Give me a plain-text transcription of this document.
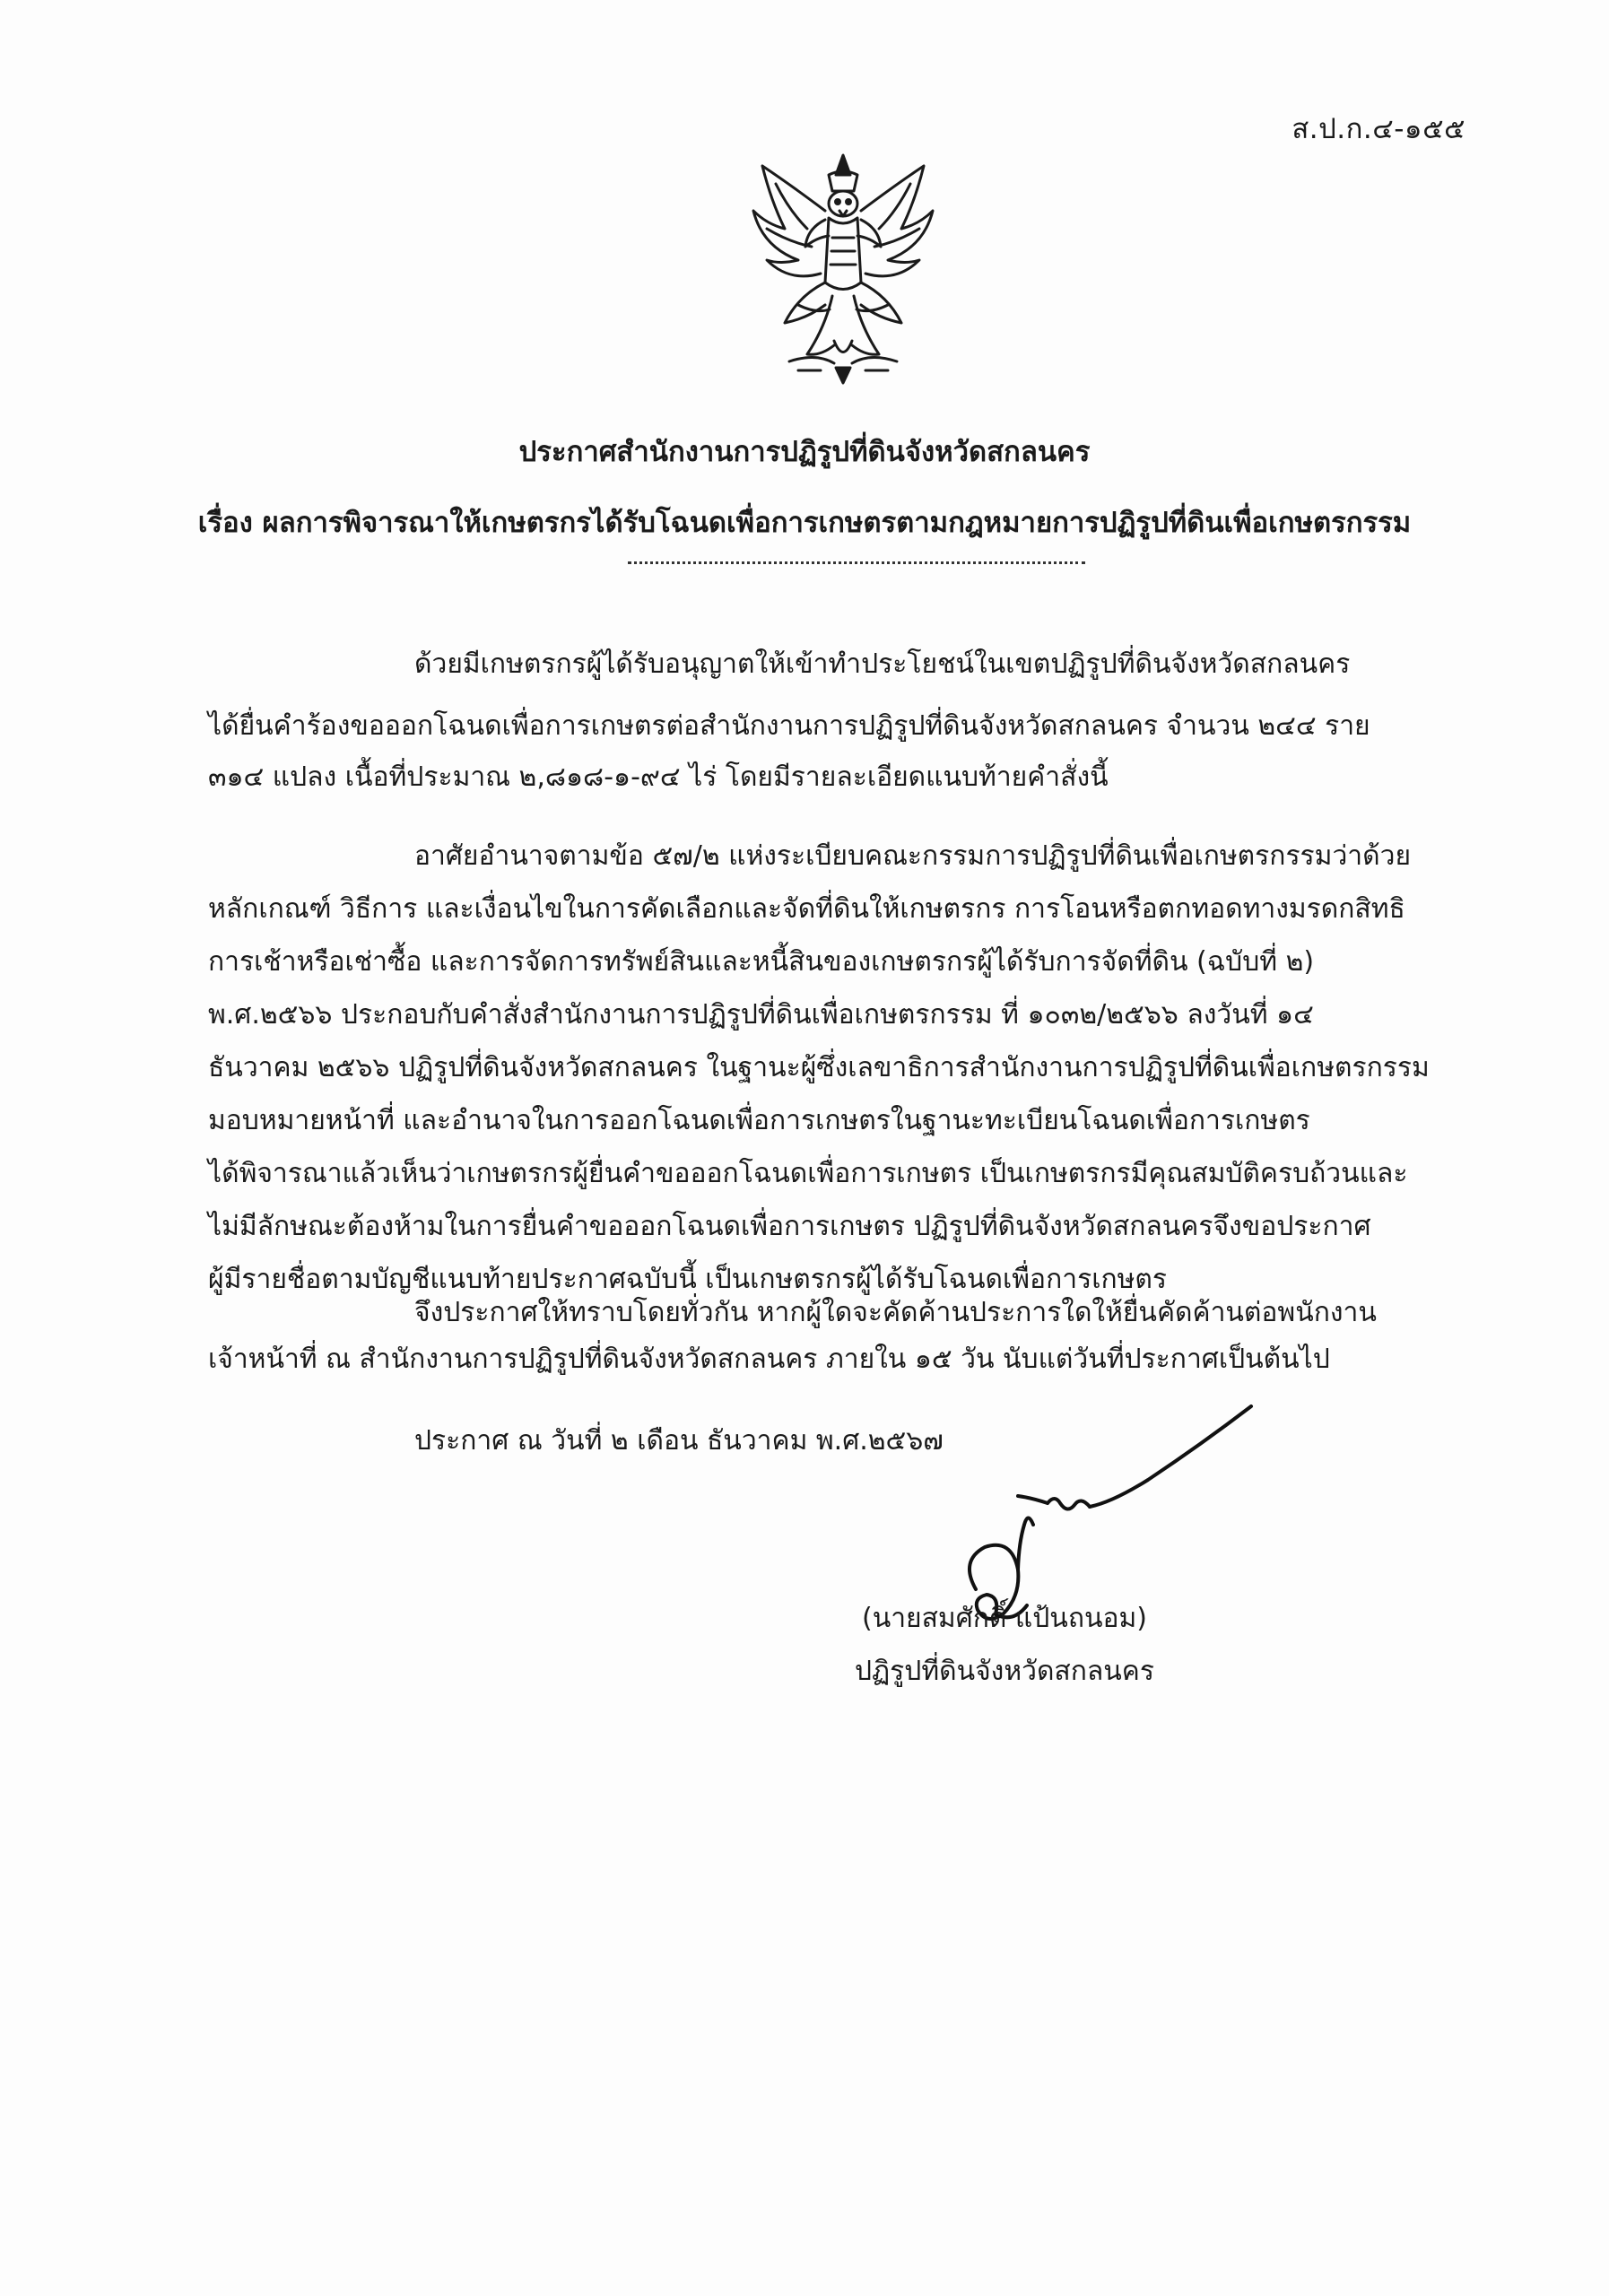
ส.ป.ก.๔-๑๕๕
ประกาศสำนักงานการปฏิรูปที่ดินจังหวัดสกลนคร
เรื่อง ผลการพิจารณาให้เกษตรกรได้รับโฉนดเพื่อการเกษตรตามกฎหมายการปฏิรูปที่ดินเพื่อเกษตรกรรม
ด้วยมีเกษตรกรผู้ได้รับอนุญาตให้เข้าทำประโยชน์ในเขตปฏิรูปที่ดินจังหวัดสกลนคร
ได้ยื่นคำร้องขอออกโฉนดเพื่อการเกษตรต่อสำนักงานการปฏิรูปที่ดินจังหวัดสกลนคร จำนวน ๒๔๔ ราย
๓๑๔ แปลง เนื้อที่ประมาณ ๒,๘๑๘-๑-๙๔ ไร่ โดยมีรายละเอียดแนบท้ายคำสั่งนี้
อาศัยอำนาจตามข้อ ๕๗/๒ แห่งระเบียบคณะกรรมการปฏิรูปที่ดินเพื่อเกษตรกรรมว่าด้วย
หลักเกณฑ์ วิธีการ และเงื่อนไขในการคัดเลือกและจัดที่ดินให้เกษตรกร การโอนหรือตกทอดทางมรดกสิทธิ
การเช้าหรือเช่าซื้อ และการจัดการทรัพย์สินและหนี้สินของเกษตรกรผู้ได้รับการจัดที่ดิน (ฉบับที่ ๒)
พ.ศ.๒๕๖๖ ประกอบกับคำสั่งสำนักงานการปฏิรูปที่ดินเพื่อเกษตรกรรม ที่ ๑๐๓๒/๒๕๖๖ ลงวันที่ ๑๔
ธันวาคม ๒๕๖๖ ปฏิรูปที่ดินจังหวัดสกลนคร ในฐานะผู้ซึ่งเลขาธิการสำนักงานการปฏิรูปที่ดินเพื่อเกษตรกรรม
มอบหมายหน้าที่ และอำนาจในการออกโฉนดเพื่อการเกษตรในฐานะทะเบียนโฉนดเพื่อการเกษตร
ได้พิจารณาแล้วเห็นว่าเกษตรกรผู้ยื่นคำขอออกโฉนดเพื่อการเกษตร เป็นเกษตรกรมีคุณสมบัติครบถ้วนและ
ไม่มีลักษณะต้องห้ามในการยื่นคำขอออกโฉนดเพื่อการเกษตร ปฏิรูปที่ดินจังหวัดสกลนครจึงขอประกาศ
ผู้มีรายชื่อตามบัญชีแนบท้ายประกาศฉบับนี้ เป็นเกษตรกรผู้ได้รับโฉนดเพื่อการเกษตร
จึงประกาศให้ทราบโดยทั่วกัน หากผู้ใดจะคัดค้านประการใดให้ยื่นคัดค้านต่อพนักงาน
เจ้าหน้าที่ ณ สำนักงานการปฏิรูปที่ดินจังหวัดสกลนคร ภายใน ๑๕ วัน นับแต่วันที่ประกาศเป็นต้นไป
ประกาศ ณ วันที่ ๒ เดือน ธันวาคม พ.ศ.๒๕๖๗
(นายสมศักดิ์ แป้นถนอม)
ปฏิรูปที่ดินจังหวัดสกลนคร
